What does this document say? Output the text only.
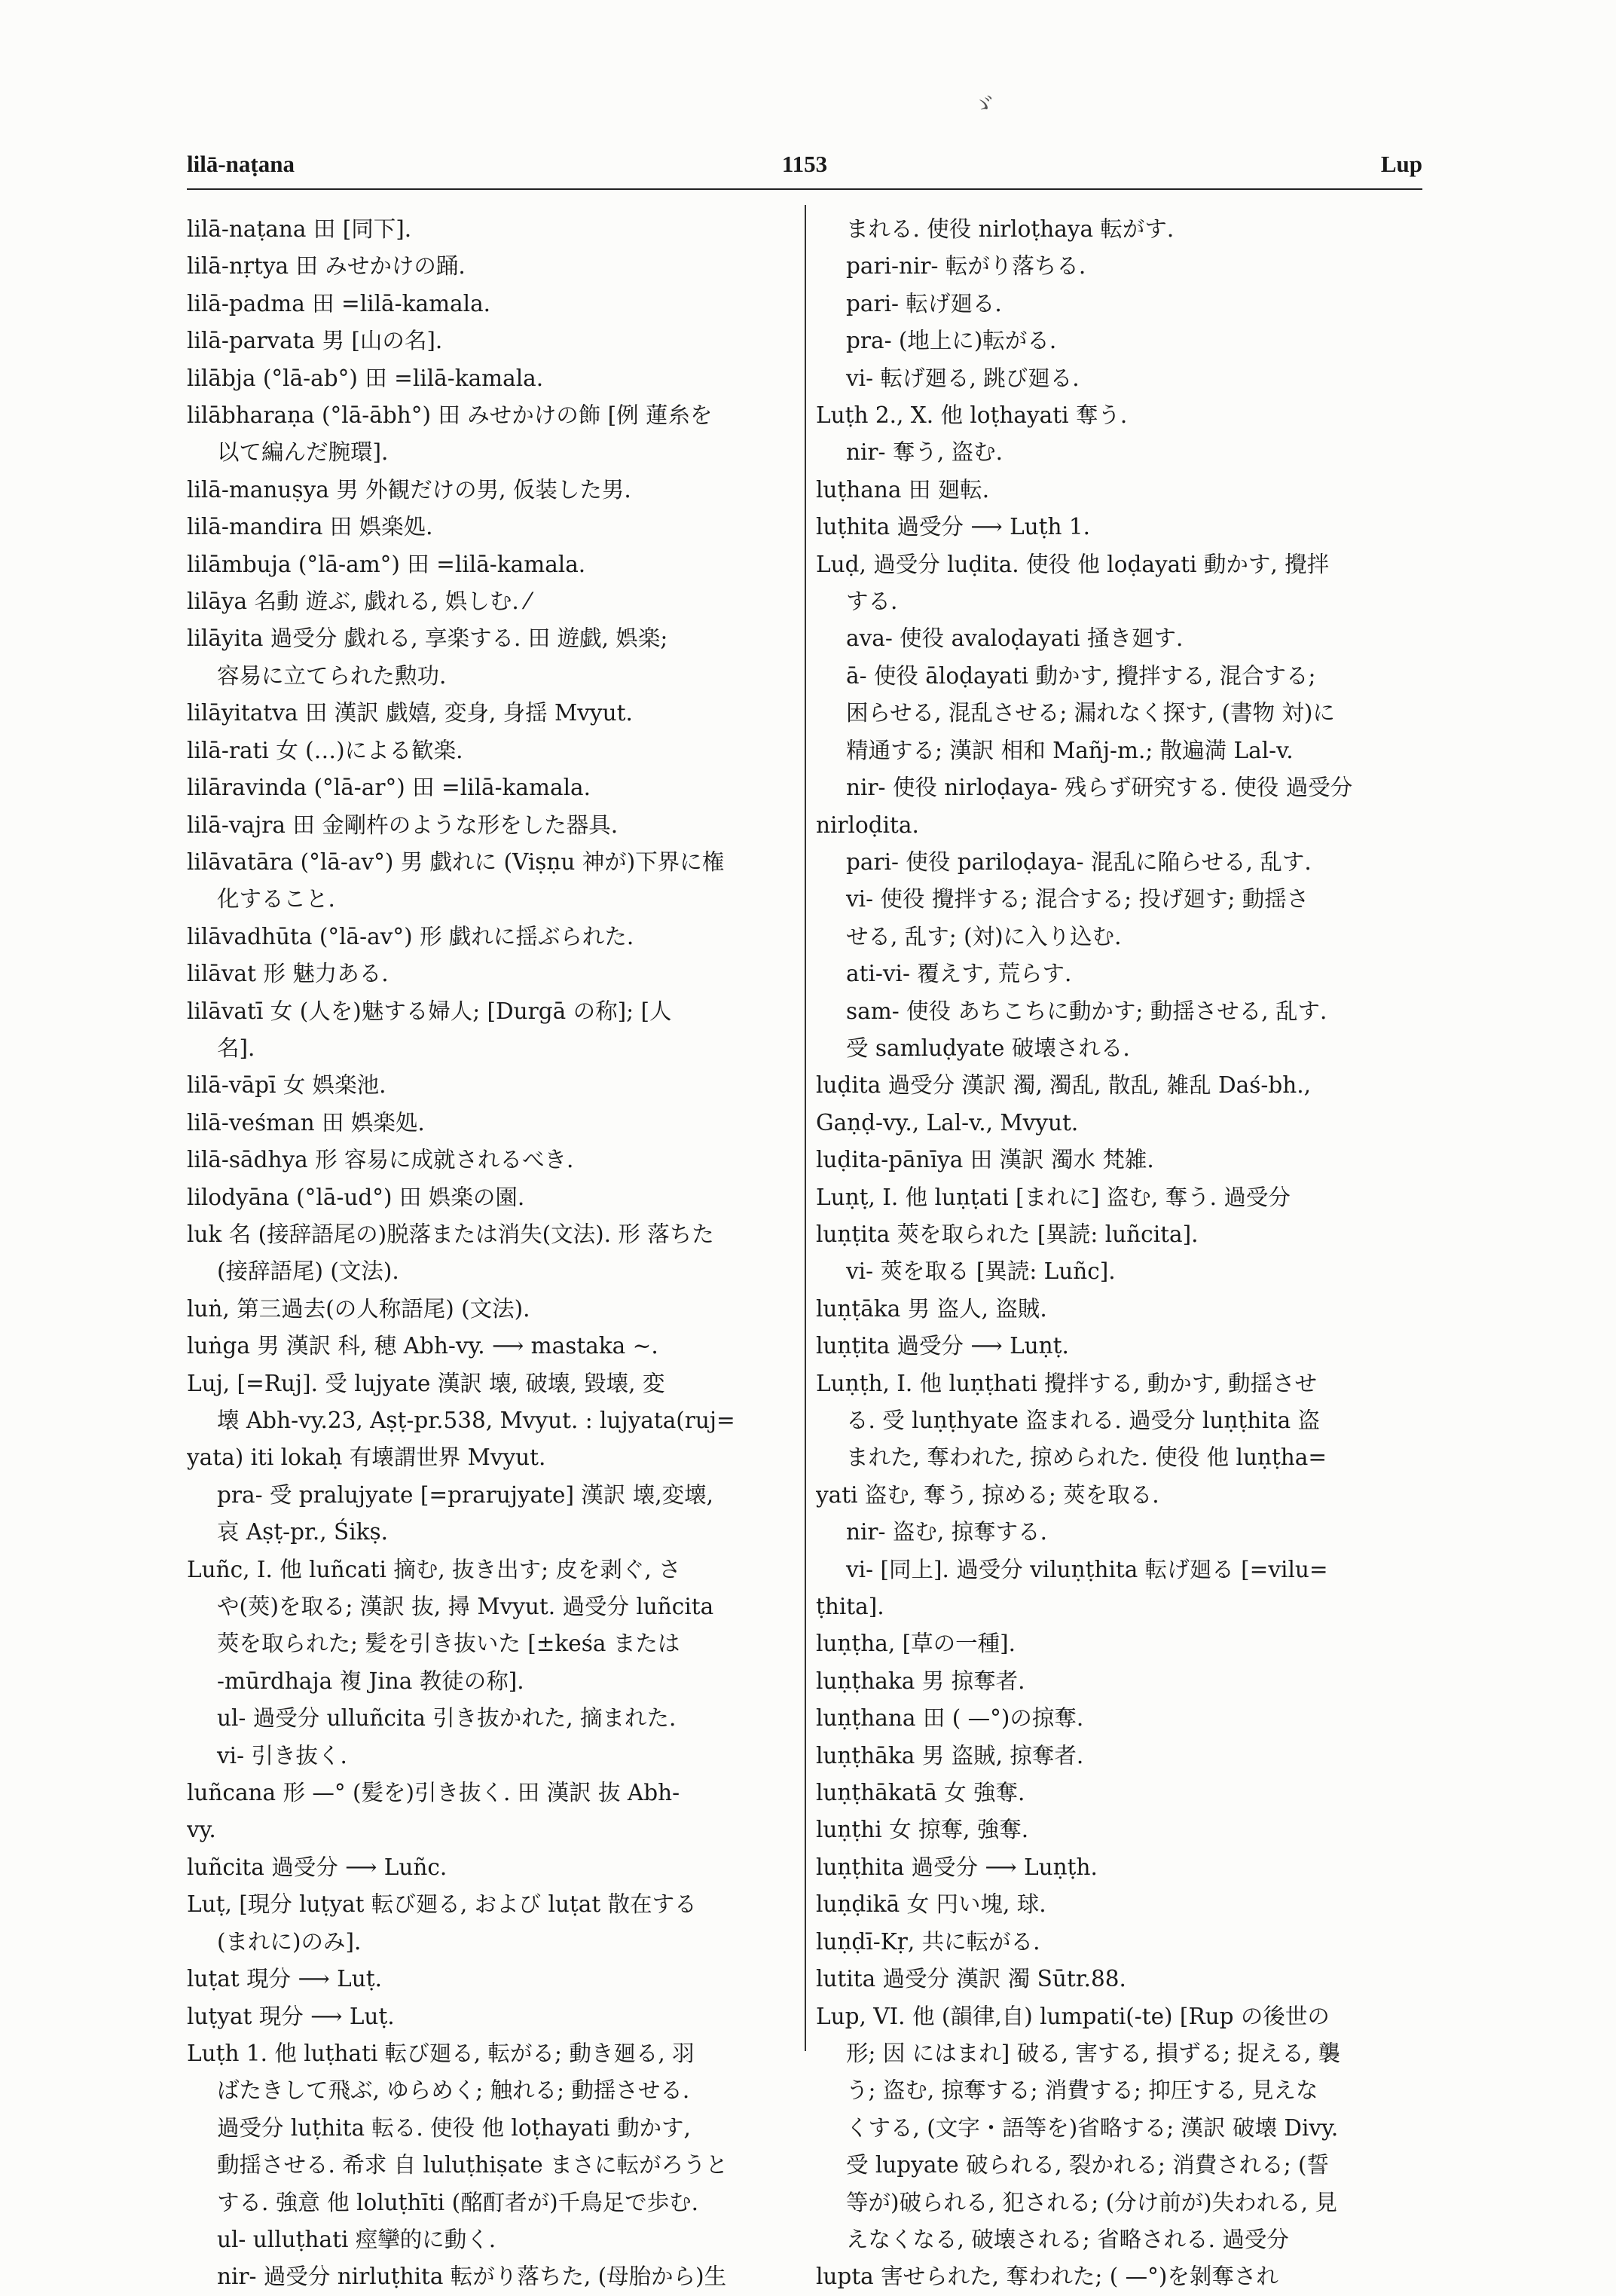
ゞ
lilā-naṭana	1153	Lup
lilā-naṭana 田 [同下].
lilā-nṛtya 田 みせかけの踊.
lilā-padma 田 =lilā-kamala.
lilā-parvata 男 [山の名].
lilābja (°lā-ab°) 田 =lilā-kamala.
lilābharaṇa (°lā-ābh°) 田 みせかけの飾 [例 蓮糸を
以て編んだ腕環].
lilā-manuṣya 男 外観だけの男, 仮装した男.
lilā-mandira 田 娯楽処.
lilāmbuja (°lā-am°) 田 =lilā-kamala.
lilāya 名動 遊ぶ, 戯れる, 娯しむ. ⁄
lilāyita 過受分 戯れる, 享楽する. 田 遊戯, 娯楽;
容易に立てられた勲功.
lilāyitatva 田 漢訳 戯嬉, 変身, 身揺 Mvyut.
lilā-rati 女 (…)による歓楽.
lilāravinda (°lā-ar°) 田 =lilā-kamala.
lilā-vajra 田 金剛杵のような形をした器具.
lilāvatāra (°lā-av°) 男 戯れに (Viṣṇu 神が)下界に権
化すること.
lilāvadhūta (°lā-av°) 形 戯れに揺ぶられた.
lilāvat 形 魅力ある.
lilāvatī 女 (人を)魅する婦人; [Durgā の称]; [人
名].
lilā-vāpī 女 娯楽池.
lilā-veśman 田 娯楽処.
lilā-sādhya 形 容易に成就されるべき.
lilodyāna (°lā-ud°) 田 娯楽の園.
luk 名 (接辞語尾の)脱落または消失(文法). 形 落ちた
(接辞語尾) (文法).
luṅ, 第三過去(の人称語尾) (文法).
luṅga 男 漢訳 科, 穂 Abh-vy. ⟶ mastaka ~.
Luj, [=Ruj]. 受 lujyate 漢訳 壊, 破壊, 毀壊, 変
壊 Abh-vy.23, Aṣṭ-pr.538, Mvyut. : lujyata(ruj=
yata) iti lokaḥ 有壊謂世界 Mvyut.
pra- 受 pralujyate [=prarujyate] 漢訳 壊,変壊,
哀 Aṣṭ-pr., Śikṣ.
Luñc, I. 他 luñcati 摘む, 抜き出す; 皮を剥ぐ, さ
や(莢)を取る; 漢訳 抜, 撏 Mvyut. 過受分 luñcita
莢を取られた; 髪を引き抜いた [±keśa または
-mūrdhaja 複 Jina 教徒の称].
ul- 過受分 ulluñcita 引き抜かれた, 摘まれた.
vi- 引き抜く.
luñcana 形 —° (髪を)引き抜く. 田 漢訳 抜 Abh-
vy.
luñcita 過受分 ⟶ Luñc.
Luṭ, [現分 luṭyat 転び廻る, および luṭat 散在する
(まれに)のみ].
luṭat 現分 ⟶ Luṭ.
luṭyat 現分 ⟶ Luṭ.
Luṭh 1. 他 luṭhati 転び廻る, 転がる; 動き廻る, 羽
ばたきして飛ぶ, ゆらめく; 触れる; 動揺させる.
過受分 luṭhita 転る. 使役 他 loṭhayati 動かす,
動揺させる. 希求 自 luluṭhiṣate まさに転がろうと
する. 強意 他 loluṭhīti (酩酊者が)千鳥足で歩む.
ul- ulluṭhati 痙攣的に動く.
nir- 過受分 nirluṭhita 転がり落ちた, (母胎から)生
まれる. 使役 nirloṭhaya 転がす.
pari-nir- 転がり落ちる.
pari- 転げ廻る.
pra- (地上に)転がる.
vi- 転げ廻る, 跳び廻る.
Luṭh 2., X. 他 loṭhayati 奪う.
nir- 奪う, 盗む.
luṭhana 田 廻転.
luṭhita 過受分 ⟶ Luṭh 1.
Luḍ, 過受分 luḍita. 使役 他 loḍayati 動かす, 攪拌
する.
ava- 使役 avaloḍayati 掻き廻す.
ā- 使役 āloḍayati 動かす, 攪拌する, 混合する;
困らせる, 混乱させる; 漏れなく探す, (書物 対)に
精通する; 漢訳 相和 Mañj-m.; 散遍満 Lal-v.
nir- 使役 nirloḍaya- 残らず研究する. 使役 過受分
nirloḍita.
pari- 使役 pariloḍaya- 混乱に陥らせる, 乱す.
vi- 使役 攪拌する; 混合する; 投げ廻す; 動揺さ
せる, 乱す; (対)に入り込む.
ati-vi- 覆えす, 荒らす.
sam- 使役 あちこちに動かす; 動揺させる, 乱す.
受 samluḍyate 破壊される.
luḍita 過受分 漢訳 濁, 濁乱, 散乱, 雑乱 Daś-bh.,
Gaṇḍ-vy., Lal-v., Mvyut.
luḍita-pānīya 田 漢訳 濁水 梵雑.
Luṇṭ, I. 他 luṇṭati [まれに] 盗む, 奪う. 過受分
luṇṭita 莢を取られた [異読: luñcita].
vi- 莢を取る [異読: Luñc].
luṇṭāka 男 盗人, 盗賊.
luṇṭita 過受分 ⟶ Luṇṭ.
Luṇṭh, I. 他 luṇṭhati 攪拌する, 動かす, 動揺させ
る. 受 luṇṭhyate 盗まれる. 過受分 luṇṭhita 盗
まれた, 奪われた, 掠められた. 使役 他 luṇṭha=
yati 盗む, 奪う, 掠める; 莢を取る.
nir- 盗む, 掠奪する.
vi- [同上]. 過受分 viluṇṭhita 転げ廻る [=vilu=
ṭhita].
luṇṭha, [草の一種].
luṇṭhaka 男 掠奪者.
luṇṭhana 田 ( —°)の掠奪.
luṇṭhāka 男 盗賊, 掠奪者.
luṇṭhākatā 女 強奪.
luṇṭhi 女 掠奪, 強奪.
luṇṭhita 過受分 ⟶ Luṇṭh.
luṇḍikā 女 円い塊, 球.
luṇḍī-Kṛ, 共に転がる.
lutita 過受分 漢訳 濁 Sūtr.88.
Lup, VI. 他 (韻律,自) lumpati(-te) [Rup の後世の
形; 因 にはまれ] 破る, 害する, 損ずる; 捉える, 襲
う; 盗む, 掠奪する; 消費する; 抑圧する, 見えな
くする, (文字・語等を)省略する; 漢訳 破壊 Divy.
受 lupyate 破られる, 裂かれる; 消費される; (誓
等が)破られる, 犯される; (分け前が)失われる, 見
えなくなる, 破壊される; 省略される. 過受分
lupta 害せられた, 奪われた; ( —°)を剝奪され
